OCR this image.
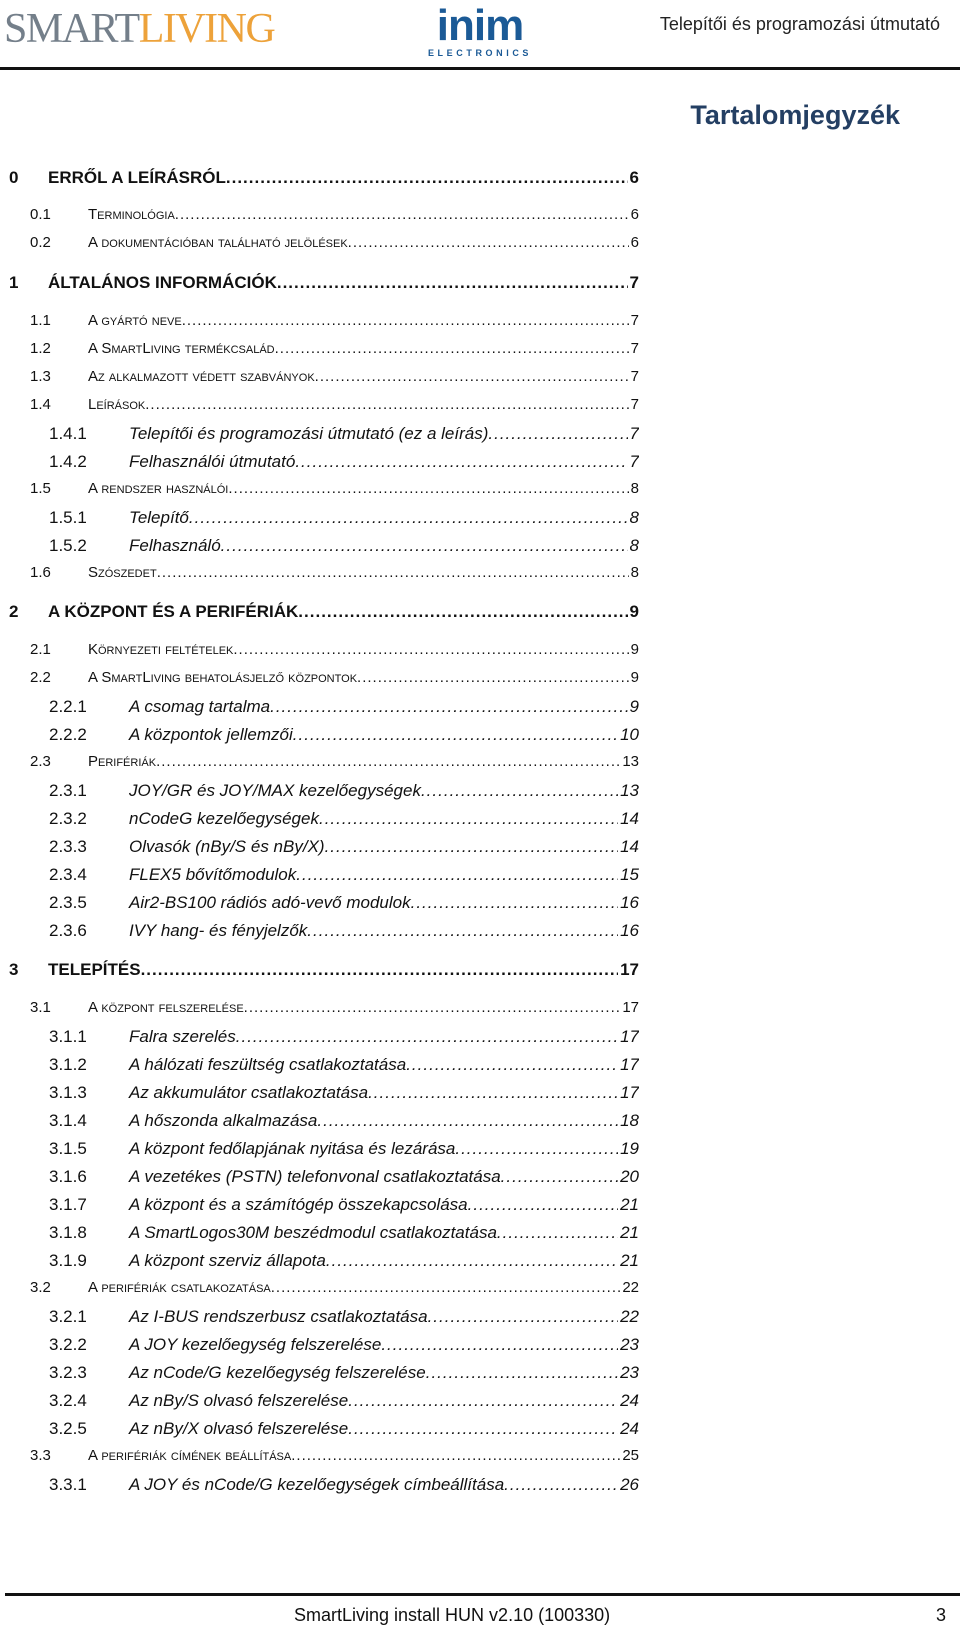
SMARTLIVING	inim
ELECTRONICS
Telepítői és programozási útmutató
Tartalomjegyzék
0	ERRŐL A LEÍRÁSRÓL .....	6
0.1	Terminológia .....	6
0.2	A dokumentációban található jelölések .....	6
1	ÁLTALÁNOS INFORMÁCIÓK .....	7
1.1	A gyártó neve .....	7
1.2	A SmartLiving termékcsalád .....	7
1.3	Az alkalmazott védett szabványok .....	7
1.4	Leírások .....	7
1.4.1	Telepítői és programozási útmutató (ez a leírás) .....	7
1.4.2	Felhasználói útmutató .....	7
1.5	A rendszer használói .....	8
1.5.1	Telepítő .....	8
1.5.2	Felhasználó .....	8
1.6	Szószedet .....	8
2	A KÖZPONT ÉS A PERIFÉRIÁK .....	9
2.1	Környezeti feltételek .....	9
2.2	A SmartLiving behatolásjelző központok .....	9
2.2.1	A csomag tartalma .....	9
2.2.2	A központok jellemzői .....	10
2.3	Perifériák .....	13
2.3.1	JOY/GR és JOY/MAX kezelőegységek .....	13
2.3.2	nCodeG kezelőegységek .....	14
2.3.3	Olvasók (nBy/S és nBy/X) .....	14
2.3.4	FLEX5 bővítőmodulok .....	15
2.3.5	Air2-BS100 rádiós adó-vevő modulok .....	16
2.3.6	IVY hang- és fényjelzők .....	16
3	TELEPÍTÉS .....	17
3.1	A központ felszerelése .....	17
3.1.1	Falra szerelés .....	17
3.1.2	A hálózati feszültség csatlakoztatása .....	17
3.1.3	Az akkumulátor csatlakoztatása .....	17
3.1.4	A hőszonda alkalmazása .....	18
3.1.5	A központ fedőlapjának nyitása és lezárása .....	19
3.1.6	A vezetékes (PSTN) telefonvonal csatlakoztatása .....	20
3.1.7	A központ és a számítógép összekapcsolása .....	21
3.1.8	A SmartLogos30M beszédmodul csatlakoztatása .....	21
3.1.9	A központ szerviz állapota .....	21
3.2	A perifériák csatlakozatása .....	22
3.2.1	Az I-BUS rendszerbusz csatlakoztatása .....	22
3.2.2	A JOY kezelőegység felszerelése .....	23
3.2.3	Az nCode/G kezelőegység felszerelése .....	23
3.2.4	Az nBy/S olvasó felszerelése .....	24
3.2.5	Az nBy/X olvasó felszerelése .....	24
3.3	A perifériák címének beállítása .....	25
3.3.1	A JOY és nCode/G kezelőegységek címbeállítása .....	26
SmartLiving install HUN v2.10 (100330)	3
